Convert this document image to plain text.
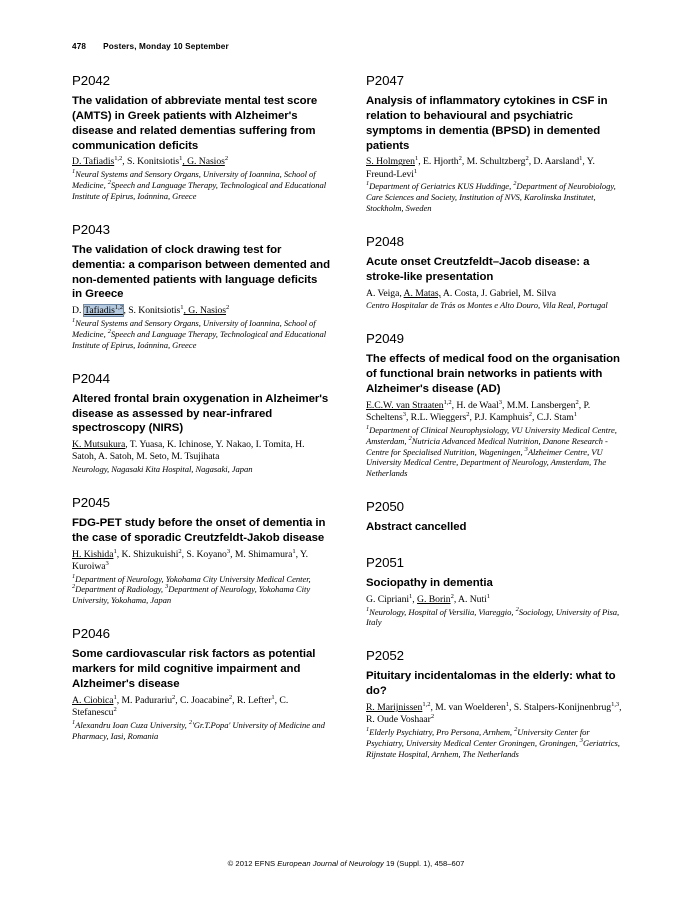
478 Posters, Monday 10 September
P2042
The validation of abbreviate mental test score (AMTS) in Greek patients with Alzheimer's disease and related dementias suffering from communication deficits
D. Tafiadis$^{1,2}$, S. Konitsiotis$^1$, G. Nasios$^2$
$^1$Neural Systems and Sensory Organs, University of Ioannina, School of Medicine, $^2$Speech and Language Therapy, Technological and Educational Institute of Epirus, Ioánnina, Greece
P2043
The validation of clock drawing test for dementia: a comparison between demented and non-demented patients with language deficits in Greece
D. Tafiadis$^{1,2}$, S. Konitsiotis$^1$, G. Nasios$^2$
$^1$Neural Systems and Sensory Organs, University of Ioannina, School of Medicine, $^2$Speech and Language Therapy, Technological and Educational Institute of Epirus, Ioánnina, Greece
P2044
Altered frontal brain oxygenation in Alzheimer's disease as assessed by near-infrared spectroscopy (NIRS)
K. Mutsukura, T. Yuasa, K. Ichinose, Y. Nakao, I. Tomita, H. Satoh, A. Satoh, M. Seto, M. Tsujihata
Neurology, Nagasaki Kita Hospital, Nagasaki, Japan
P2045
FDG-PET study before the onset of dementia in the case of sporadic Creutzfeldt-Jakob disease
H. Kishida$^1$, K. Shizukuishi$^2$, S. Koyano$^3$, M. Shimamura$^1$, Y. Kuroiwa$^3$
$^1$Department of Neurology, Yokohama City University Medical Center, $^2$Department of Radiology, $^3$Department of Neurology, Yokohama City University, Yokohama, Japan
P2046
Some cardiovascular risk factors as potential markers for mild cognitive impairment and Alzheimer's disease
A. Ciobica$^1$, M. Padurariu$^2$, C. Joacabine$^2$, R. Lefter$^1$, C. Stefanescu$^2$
$^1$Alexandru Ioan Cuza University, $^2$'Gr.T.Popa' University of Medicine and Pharmacy, Iasi, Romania
P2047
Analysis of inflammatory cytokines in CSF in relation to behavioural and psychiatric symptoms in dementia (BPSD) in demented patients
S. Holmgren$^1$, E. Hjorth$^2$, M. Schultzberg$^2$, D. Aarsland$^1$, Y. Freund-Levi$^1$
$^1$Department of Geriatrics KUS Huddinge, $^2$Department of Neurobiology, Care Sciences and Society, Institution of NVS, Karolinska Institutet, Stockholm, Sweden
P2048
Acute onset Creutzfeldt–Jacob disease: a stroke-like presentation
A. Veiga, A. Matas, A. Costa, J. Gabriel, M. Silva
Centro Hospitalar de Trás os Montes e Alto Douro, Vila Real, Portugal
P2049
The effects of medical food on the organisation of functional brain networks in patients with Alzheimer's disease (AD)
E.C.W. van Straaten$^{1,2}$, H. de Waal$^3$, M.M. Lansbergen$^2$, P. Scheltens$^3$, R.L. Wieggers$^2$, P.J. Kamphuis$^2$, C.J. Stam$^1$
$^1$Department of Clinical Neurophysiology, VU University Medical Centre, Amsterdam, $^2$Nutricia Advanced Medical Nutrition, Danone Research - Centre for Specialised Nutrition, Wageningen, $^3$Alzheimer Centre, VU University Medical Centre, Department of Neurology, Amsterdam, The Netherlands
P2050
Abstract cancelled
P2051
Sociopathy in dementia
G. Cipriani$^1$, G. Borin$^2$, A. Nuti$^1$
$^1$Neurology, Hospital of Versilia, Viareggio, $^2$Sociology, University of Pisa, Italy
P2052
Pituitary incidentalomas in the elderly: what to do?
R. Marijnissen$^{1,2}$, M. van Woelderen$^1$, S. Stalpers-Konijnenbrug$^{1,3}$, R. Oude Voshaar$^2$
$^1$Elderly Psychiatry, Pro Persona, Arnhem, $^2$University Center for Psychiatry, University Medical Center Groningen, Groningen, $^3$Geriatrics, Rijnstate Hospital, Arnhem, The Netherlands
© 2012 EFNS European Journal of Neurology 19 (Suppl. 1), 458–607
